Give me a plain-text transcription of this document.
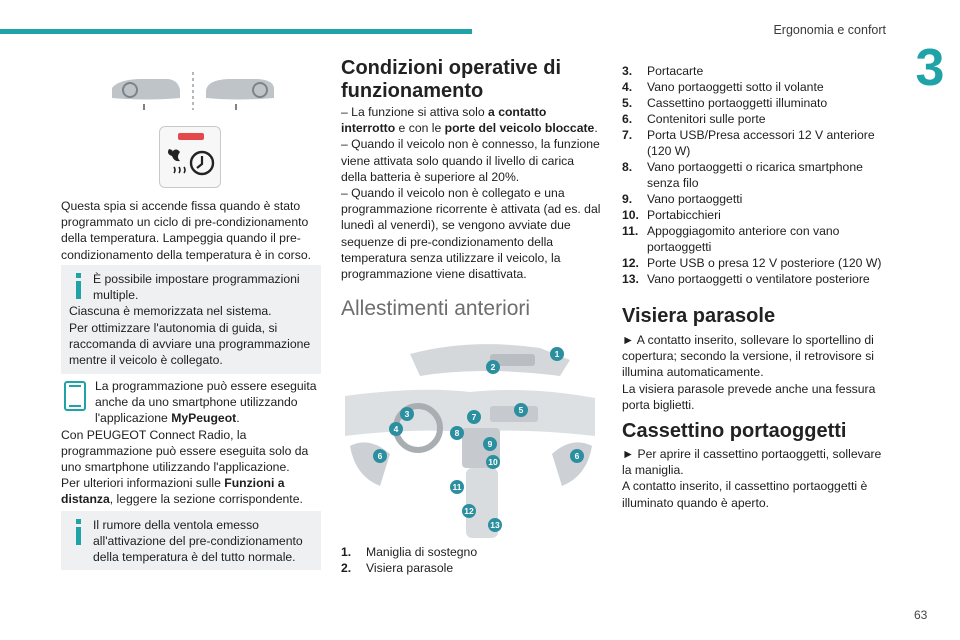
Ergonomia e confort
3
63

Questa spia si accende fissa quando è stato programmato un ciclo di pre-condizionamento della temperatura. Lampeggia quando il pre-condizionamento della temperatura è in corso.

È possibile impostare programmazioni multiple.
Ciascuna è memorizzata nel sistema.
Per ottimizzare l'autonomia di guida, si raccomanda di avviare una programmazione mentre il veicolo è collegato.
La programmazione può essere eseguita anche da uno smartphone utilizzando l'applicazione MyPeugeot.
Con PEUGEOT Connect Radio, la programmazione può essere eseguita solo da uno smartphone utilizzando l'applicazione.
Per ulteriori informazioni sulle Funzioni a distanza, leggere la sezione corrispondente.
Il rumore della ventola emesso all'attivazione del pre-condizionamento della temperatura è del tutto normale.
Condizioni operative di funzionamento
– La funzione si attiva solo a contatto interrotto e con le porte del veicolo bloccate.
– Quando il veicolo non è connesso, la funzione viene attivata solo quando il livello di carica della batteria è superiore al 20%.
– Quando il veicolo non è collegato e una programmazione ricorrente è attivata (ad es. dal lunedì al venerdì), se vengono avviate due sequenze di pre-condizionamento della temperatura senza utilizzare il veicolo, la programmazione viene disattivata.
Allestimenti anteriori
1
2
3
4
5
6	6
7
8
9
10
11
12
13
1.	Maniglia di sostegno
2.	Visiera parasole
3.	Portacarte
4.	Vano portaoggetti sotto il volante
5.	Cassettino portaoggetti illuminato
6.	Contenitori sulle porte
7.	Porta USB/Presa accessori 12 V anteriore (120 W)
8.	Vano portaoggetti o ricarica smartphone senza filo
9.	Vano portaoggetti
10. Portabicchieri
11. Appoggiagomito anteriore con vano portaoggetti
12. Porte USB o presa 12 V posteriore (120 W)
13. Vano portaoggetti o ventilatore posteriore
Visiera parasole
► A contatto inserito, sollevare lo sportellino di copertura; secondo la versione, il retrovisore si illumina automaticamente.
La visiera parasole prevede anche una fessura porta biglietti.
Cassettino portaoggetti
► Per aprire il cassettino portaoggetti, sollevare la maniglia.
A contatto inserito, il cassettino portaoggetti è illuminato quando è aperto.
